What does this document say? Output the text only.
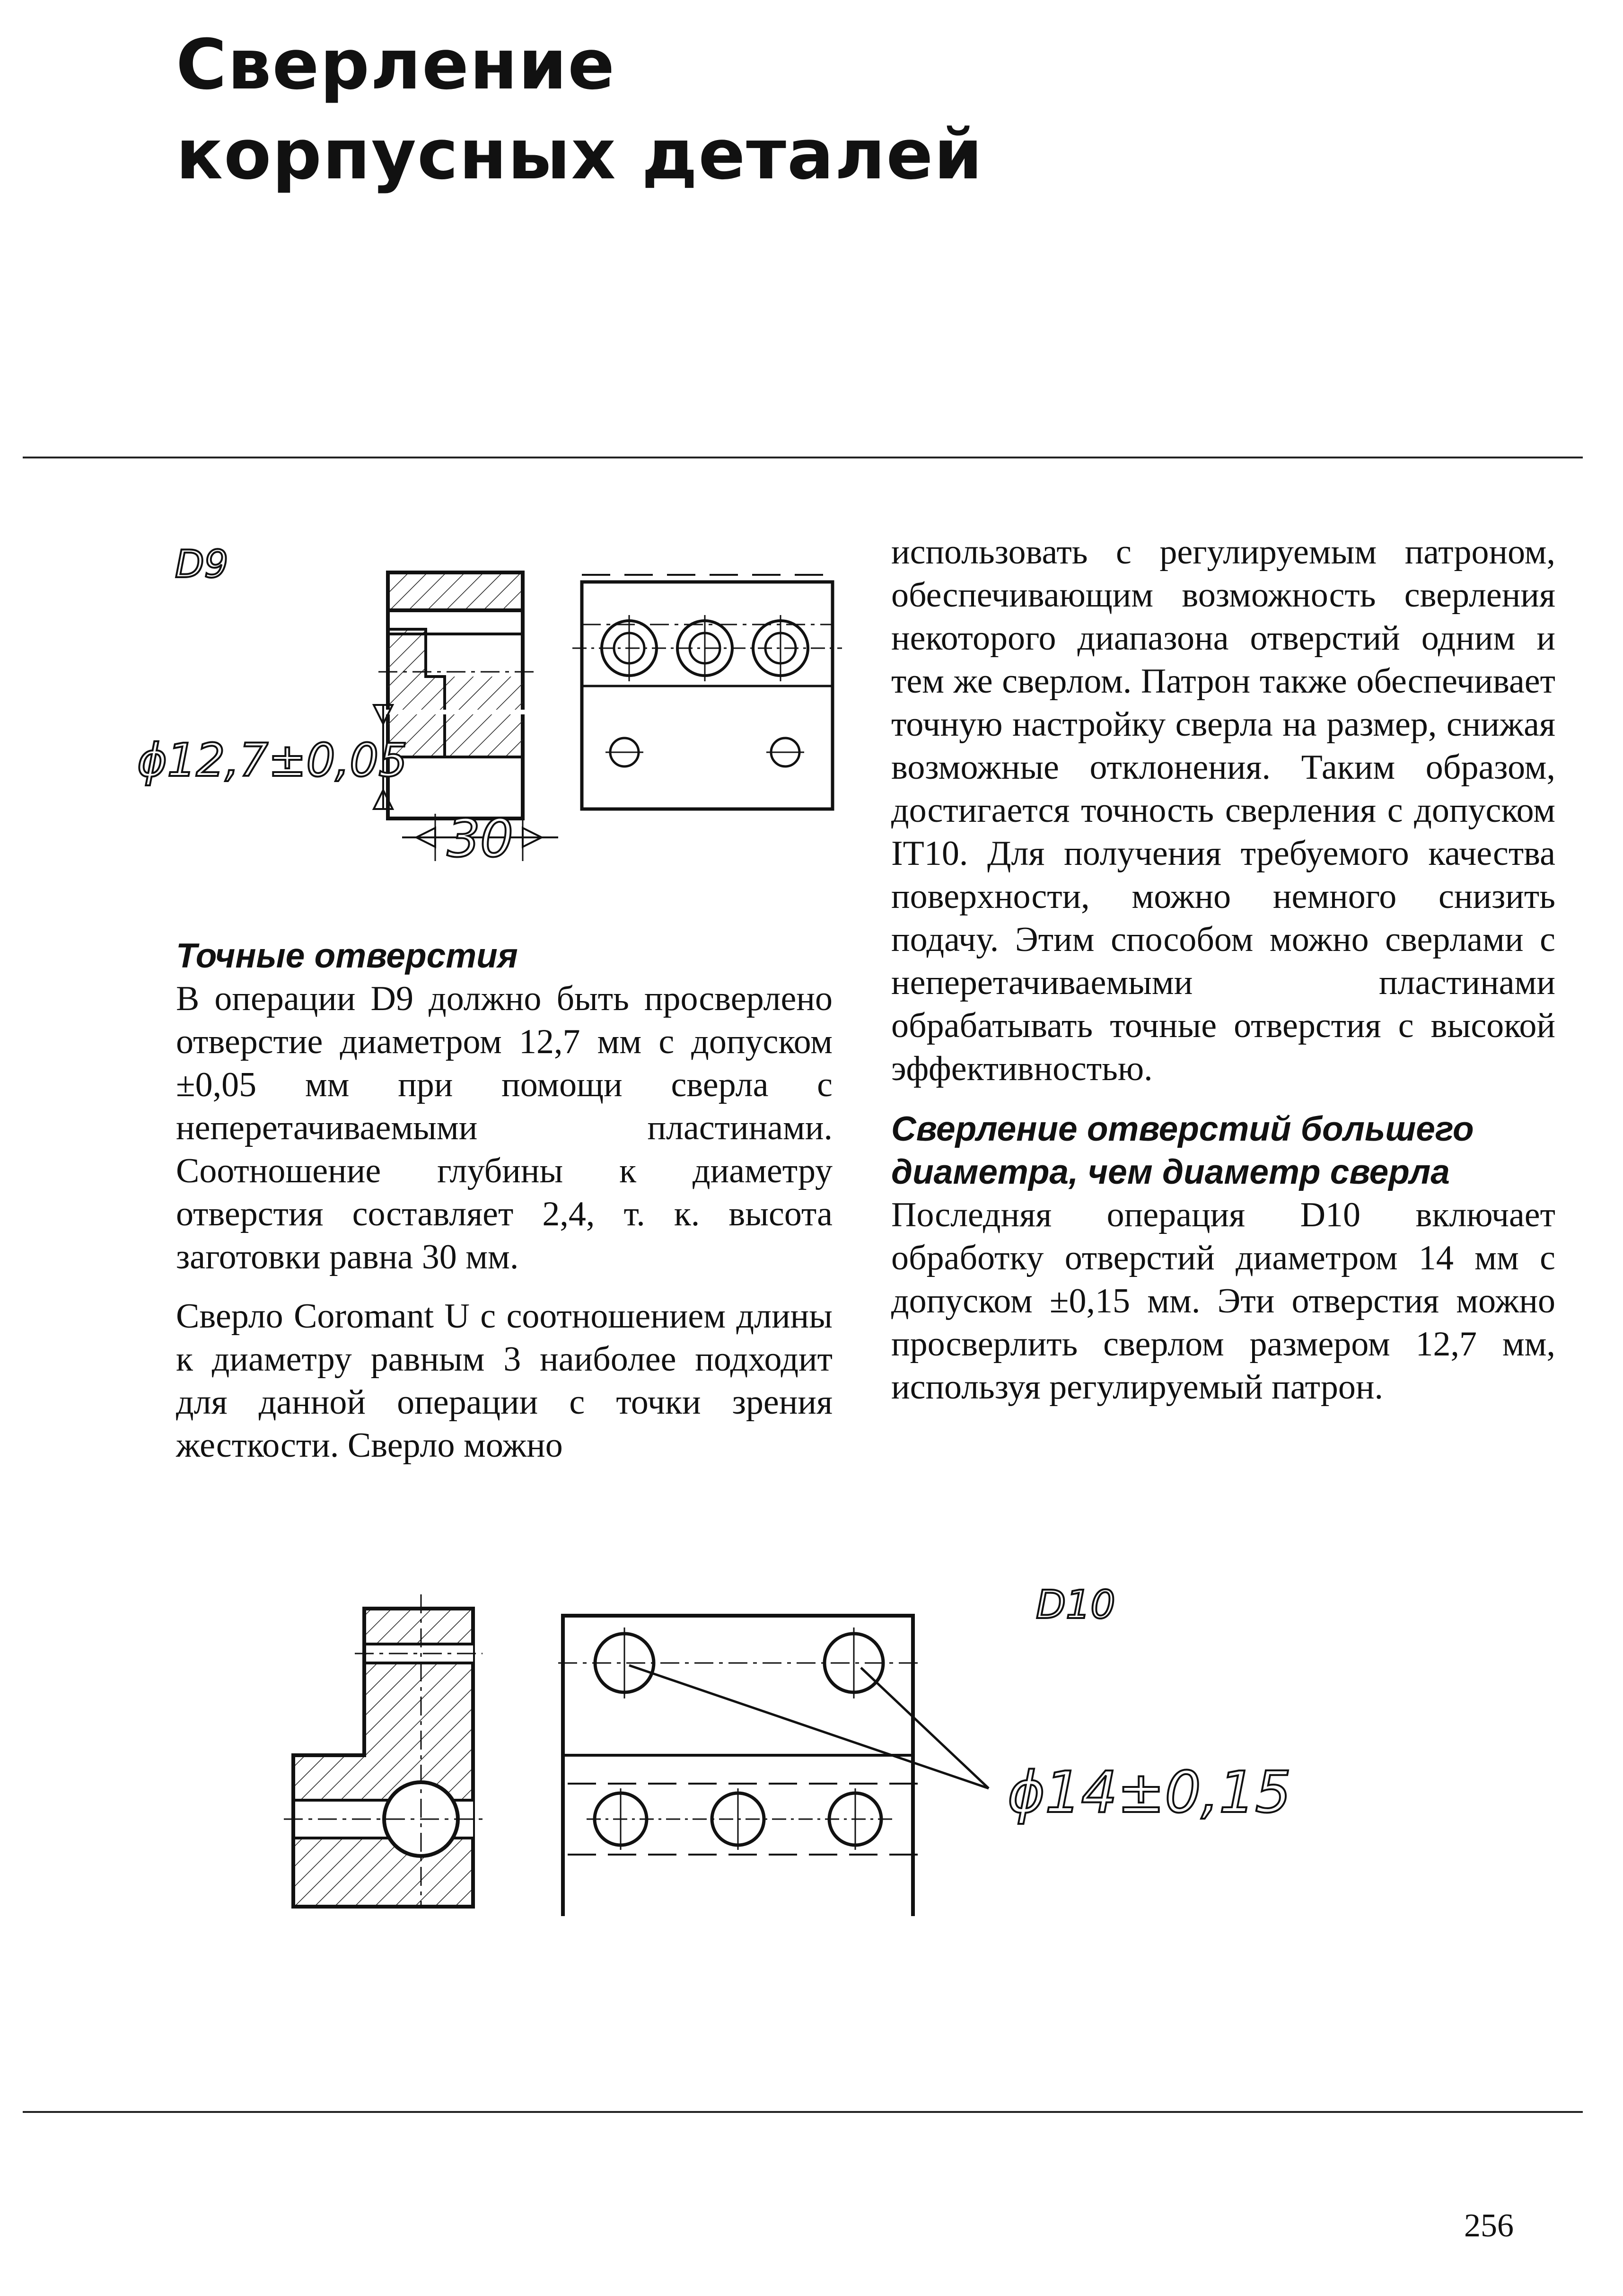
Сверление
корпусных деталей
D9
ϕ12,7±0,05
30
Точные отверстия

В операции D9 должно быть просверлено отверстие диаметром 12,7 мм с допуском ±0,05 мм при помощи сверла с неперетачиваемыми пластинами. Соотношение глубины к диаметру отверстия составляет 2,4, т. к. высота заготовки равна 30 мм.

Сверло Coromant U с соотношением длины к диаметру равным 3 наиболее подходит для данной операции с точки зрения жесткости. Сверло можно

использовать с регулируемым патроном, обеспечивающим возможность сверления некоторого диапазона отверстий одним и тем же сверлом. Патрон также обеспечивает точную настройку сверла на размер, снижая возможные отклонения. Таким образом, достигается точность сверления с допуском IT10. Для получения требуемого качества поверхности, можно немного снизить подачу. Этим способом можно сверлами с неперетачиваемыми пластинами обрабатывать точные отверстия с высокой эффективностью.

Сверление отверстий большего диаметра, чем диаметр сверла

Последняя операция D10 включает обработку отверстий диаметром 14 мм с допуском ±0,15 мм. Эти отверстия можно просверлить сверлом размером 12,7 мм, используя регулируемый патрон.

D10
ϕ14±0,15
256
